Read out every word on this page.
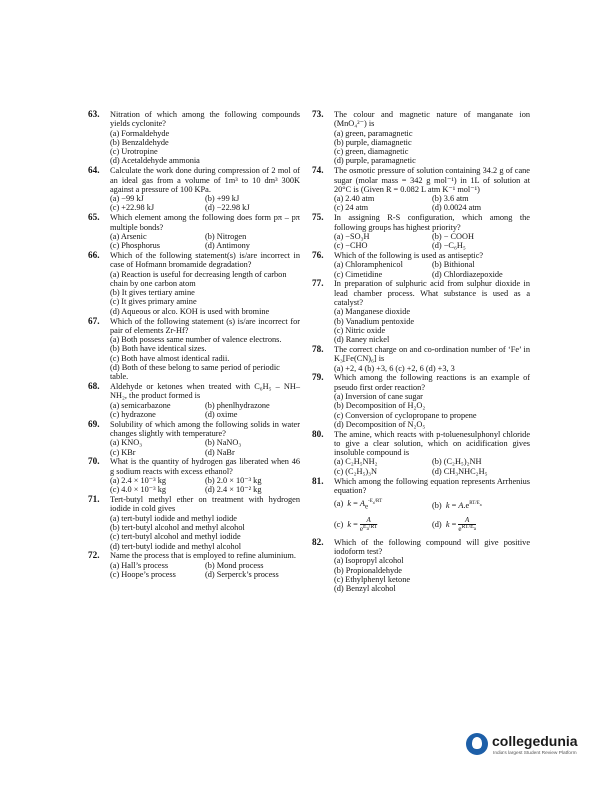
63. Nitration of which among the following compounds yields cyclonite?
(a) Formaldehyde
(b) Benzaldehyde
(c) Urotropine
(d) Acetaldehyde ammonia
64. Calculate the work done during compression of 2 mol of an ideal gas from a volume of 1m³ to 10 dm³ 300K against a pressure of 100 KPa.
(a) −99 kJ	(b) +99 kJ
(c) +22.98 kJ	(d) −22.98 kJ
65. Which element among the following does form pπ – pπ multiple bonds?
(a) Arsenic	(b) Nitrogen
(c) Phosphorus	(d) Antimony
66. Which of the following statement(s) is/are incorrect in case of Hofmann bromamide degradation?
(a) Reaction is useful for decreasing length of carbon chain by one carbon atom
(b) It gives tertiary amine
(c) It gives primary amine
(d) Aqueous or alco. KOH is used with bromine
67. Which of the following statement (s) is/are incorrect for pair of elements Zr-Hf?
(a) Both possess same number of valence electrons.
(b) Both have identical sizes.
(c) Both have almost identical radii.
(d) Both of these belong to same period of periodic table.
68. Aldehyde or ketones when treated with C₆H₅ – NH–NH₂, the product formed is
(a) semicarbazone	(b) phenlhydrazone
(c) hydrazone	(d) oxime
69. Solubility of which among the following solids in water changes slightly with temperature?
(a) KNO₃	(b) NaNO₃
(c) KBr	(d) NaBr
70. What is the quantity of hydrogen gas liberated when 46 g sodium reacts with excess ethanol?
(a) 2.4 × 10⁻³ kg	(b) 2.0 × 10⁻³ kg
(c) 4.0 × 10⁻³ kg	(d) 2.4 × 10⁻² kg
71. Tert-butyl methyl ether on treatment with hydrogen iodide in cold gives
(a) tert-butyl iodide and methyl iodide
(b) tert-butyl alcohol and methyl alcohol
(c) tert-butyl alcohol and methyl iodide
(d) tert-butyl iodide and methyl alcohol
72. Name the process that is employed to refine aluminium.
(a) Hall’s process	(b) Mond process
(c) Hoope’s process	(d) Serperck’s process
73. The colour and magnetic nature of manganate ion (MnO₄²⁻) is
(a) green, paramagnetic
(b) purple, diamagnetic
(c) green, diamagnetic
(d) purple, paramagnetic
74. The osmotic pressure of solution containing 34.2 g of cane sugar (molar mass = 342 g mol⁻¹) in 1L of solution at 20°C is (Given R = 0.082 L atm K⁻¹ mol⁻¹)
(a) 2.40 atm	(b) 3.6 atm
(c) 24 atm	(d) 0.0024 atm
75. In assigning R-S configuration, which among the following groups has highest priority?
(a) −SO₃H	(b) − COOH
(c) −CHO	(d) −C₆H₅
76. Which of the following is used as antiseptic?
(a) Chloramphenicol	(b) Bithional
(c) Cimetidine	(d) Chlordiazepoxide
77. In preparation of sulphuric acid from sulphur dioxide in lead chamber process. What substance is used as a catalyst?
(a) Manganese dioxide
(b) Vanadium pentoxide
(c) Nitric oxide
(d) Raney nickel
78. The correct charge on and co-ordination number of ‘Fe’ in K₃[Fe(CN)₆] is
(a) +2, 4 (b) +3, 6 (c) +2, 6 (d) +3, 3
79. Which among the following reactions is an example of pseudo first order reaction?
(a) Inversion of cane sugar
(b) Decomposition of H₂O₂
(c) Conversion of cyclopropane to propene
(d) Decomposition of N₂O₅
80. The amine, which reacts with p-toluenesulphonyl chloride to give a clear solution, which on acidification gives insoluble compound is
(a) C₂H₅NH₂	(b) (C₂H₅)₂NH
(c) (C₂H₅)₃N	(d) CH₃NHC₂H₅
81. Which among the following equation represents Arrhenius equation?
(a) $k = A_e^{-E_a/RT}$	(b) $k = A.e^{RT/E_a}$
(c) k = A
$e^{E_a/RT}$	(d) k = A
$e^{RT/E_a}$
82. Which of the following compound will give positive iodoform test?
(a) Isopropyl alcohol
(b) Propionaldehyde
(c) Ethylphenyl ketone
(d) Benzyl alcohol
collegedunia
India's largest Student Review Platform
